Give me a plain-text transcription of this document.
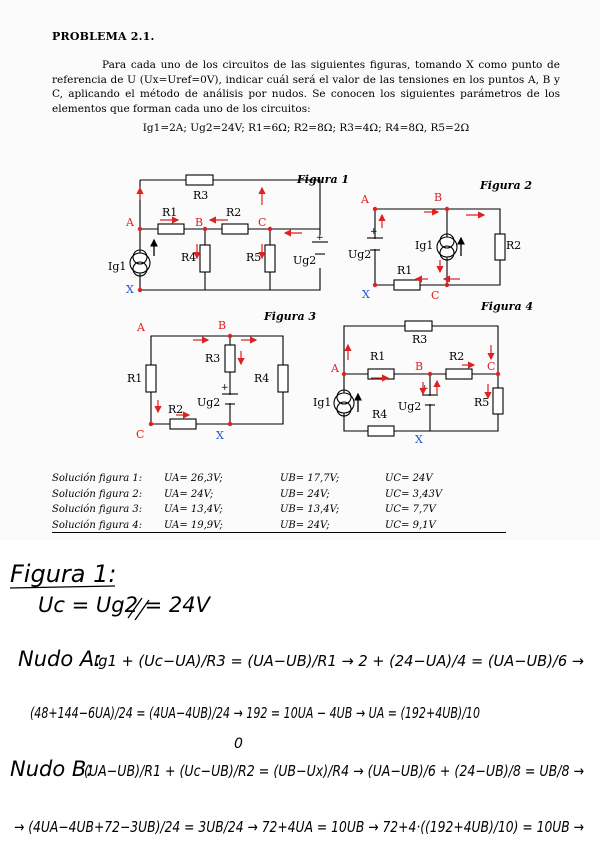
PROBLEMA 2.1.
Para cada uno de los circuitos de las siguientes figuras, tomando X como punto de referencia de U (Ux=Uref=0V), indicar cuál será el valor de las tensiones en los puntos A, B y C, aplicando el método de análisis por nudos. Se conocen los siguientes parámetros de los elementos que forman cada uno de los circuitos:
Ig1=2A; Ug2=24V; R1=6Ω; R2=8Ω; R3=4Ω; R4=8Ω, R5=2Ω
Figura 1
+
R3
R1	R2
R4	R5
Ig1	Ug2
A	B	C
X
Figura 2
+
R2
R1
Ig1
Ug2
A	B
C
X
Figura 3
+
R1	R4
R3
R2
Ug2
A	B
C	X
Figura 4
+
R3
R1	R2
R5
R4
Ig1	Ug2
A	B	C
X
Solución figura 1: UA= 26,3V;	UB= 17,7V;	UC= 24V
Solución figura 2: UA= 24V;	UB= 24V;	UC= 3,43V
Solución figura 3: UA= 13,4V;	UB= 13,4V;	UC= 7,7V
Solución figura 4: UA= 19,9V;	UB= 24V;	UC= 9,1V
Figura 1:
Uc = Ug2 = 24V
Nudo A:
Ig1 + (Uc−UA)/R3 = (UA−UB)/R1 → 2 + (24−UA)/4 = (UA−UB)/6 →
(48+144−6UA)/24 = (4UA−4UB)/24 → 192 = 10UA − 4UB → UA = (192+4UB)/10
0
Nudo B:
(UA−UB)/R1 + (Uc−UB)/R2 = (UB−Ux)/R4 → (UA−UB)/6 + (24−UB)/8 = UB/8 →
→ (4UA−4UB+72−3UB)/24 = 3UB/24 → 72+4UA = 10UB → 72+4·((192+4UB)/10) = 10UB →
